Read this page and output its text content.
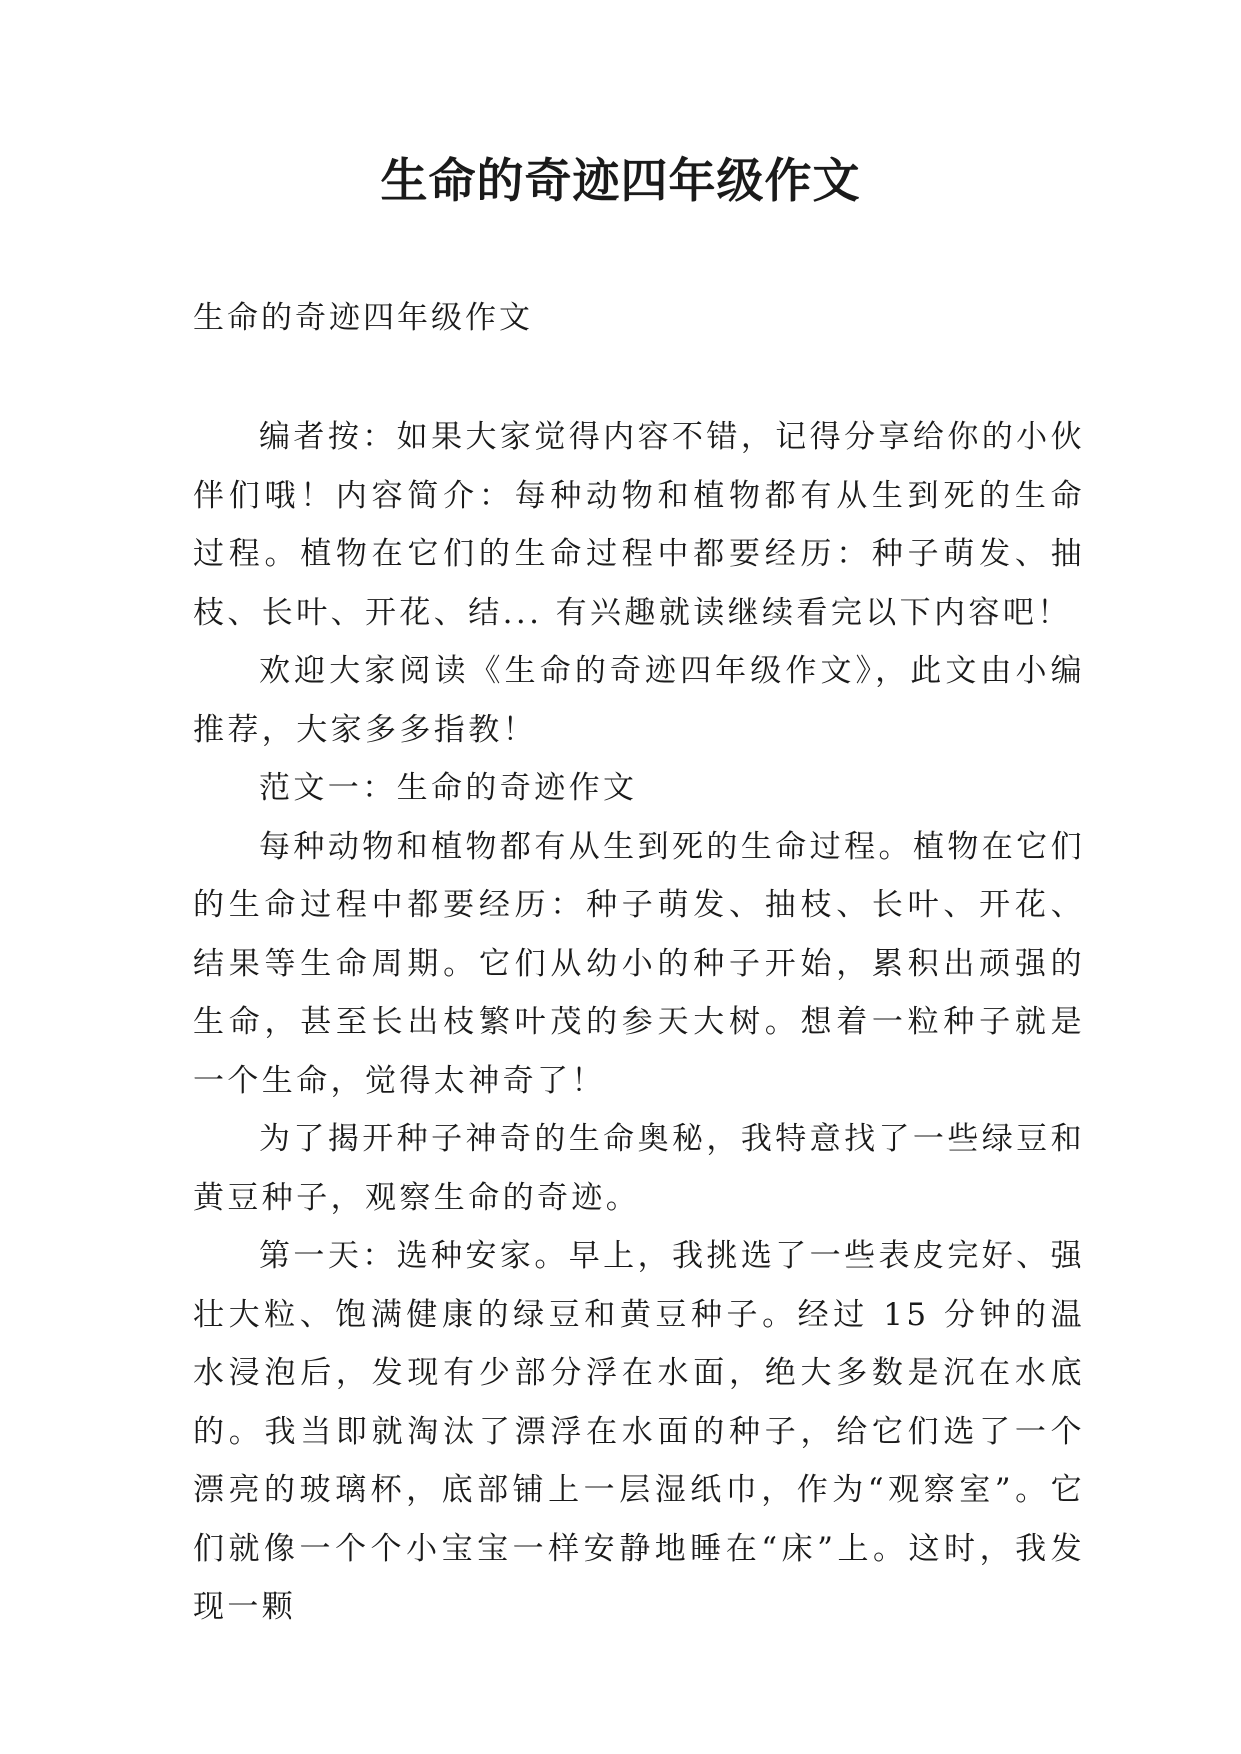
生命的奇迹四年级作文
生命的奇迹四年级作文

编者按：如果大家觉得内容不错，记得分享给你的小伙伴们哦！内容简介：每种动物和植物都有从生到死的生命过程。植物在它们的生命过程中都要经历：种子萌发、抽枝、长叶、开花、结... 有兴趣就读继续看完以下内容吧！

欢迎大家阅读《生命的奇迹四年级作文》，此文由小编推荐，大家多多指教！

范文一：生命的奇迹作文

每种动物和植物都有从生到死的生命过程。植物在它们的生命过程中都要经历：种子萌发、抽枝、长叶、开花、结果等生命周期。它们从幼小的种子开始，累积出顽强的生命，甚至长出枝繁叶茂的参天大树。想着一粒种子就是一个生命，觉得太神奇了！

为了揭开种子神奇的生命奥秘，我特意找了一些绿豆和黄豆种子，观察生命的奇迹。

第一天：选种安家。早上，我挑选了一些表皮完好、强壮大粒、饱满健康的绿豆和黄豆种子。经过 15 分钟的温水浸泡后，发现有少部分浮在水面，绝大多数是沉在水底的。我当即就淘汰了漂浮在水面的种子，给它们选了一个漂亮的玻璃杯，底部铺上一层湿纸巾，作为“观察室”。它们就像一个个小宝宝一样安静地睡在“床”上。这时，我发现一颗
